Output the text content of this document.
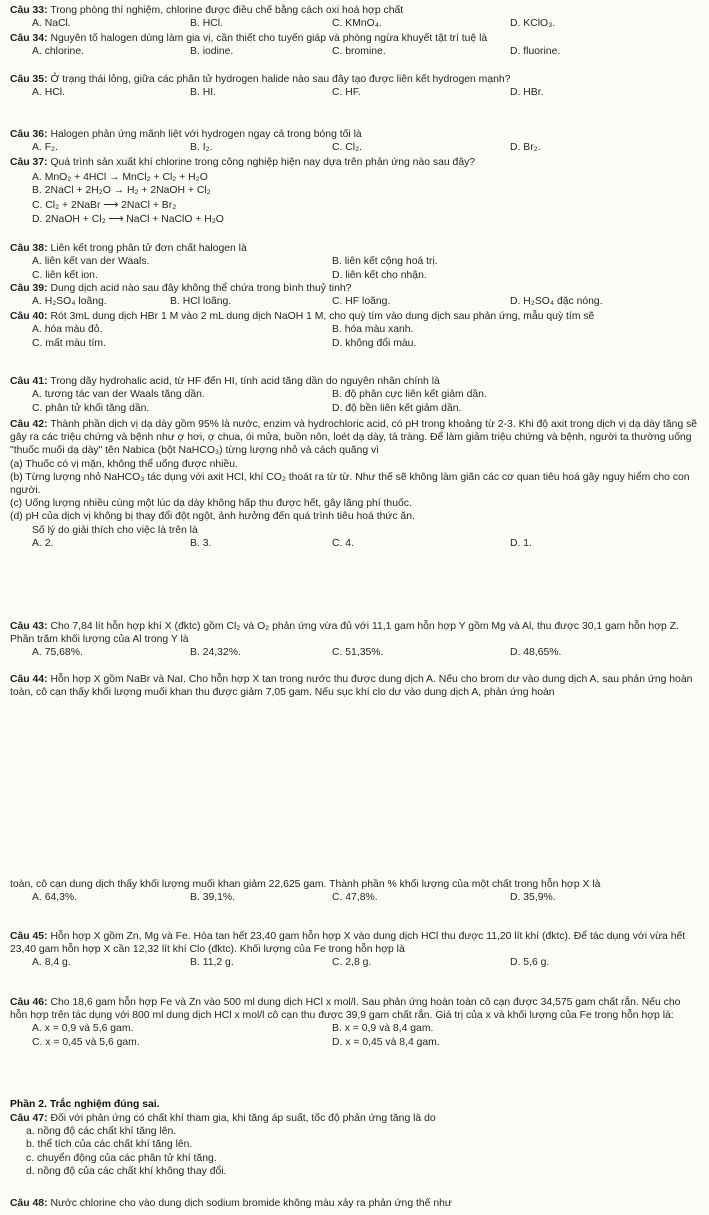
Câu 33: Trong phòng thí nghiệm, chlorine được điều chế bằng cách oxi hoá hợp chất
A. NaCl.	B. HCl.	C. KMnO₄.	D. KClO₃.
Câu 34: Nguyên tố halogen dùng làm gia vị, cần thiết cho tuyến giáp và phòng ngừa khuyết tật trí tuệ là
A. chlorine.	B. iodine.	C. bromine.	D. fluorine.
Câu 35: Ở trạng thái lỏng, giữa các phân tử hydrogen halide nào sau đây tạo được liên kết hydrogen mạnh?
A. HCl.	B. HI.	C. HF.	D. HBr.
Câu 36: Halogen phản ứng mãnh liệt với hydrogen ngay cả trong bóng tối là
A. F₂.	B. I₂.	C. Cl₂.	D. Br₂.
Câu 37: Quá trình sản xuất khí chlorine trong công nghiệp hiện nay dựa trên phản ứng nào sau đây?
A. MnO₂ + 4HCl → MnCl₂ + Cl₂ + H₂O
B. 2NaCl + 2H₂O → H₂ + 2NaOH + Cl₂
C. Cl₂ + 2NaBr ⟶ 2NaCl + Br₂
D. 2NaOH + Cl₂ ⟶ NaCl + NaClO + H₂O
Câu 38: Liên kết trong phân tử đơn chất halogen là
A. liên kết van der Waals.	B. liên kết cộng hoá trị.
C. liên kết ion.	D. liên kết cho nhận.
Câu 39: Dung dịch acid nào sau đây không thể chứa trong bình thuỷ tinh?
A. H₂SO₄ loãng.	B. HCl loãng.	C. HF loãng.	D. H₂SO₄ đặc nóng.
Câu 40: Rót 3mL dung dịch HBr 1 M vào 2 mL dung dịch NaOH 1 M, cho quỳ tím vào dung dịch sau phản ứng, mẫu quỳ tím sẽ
A. hóa màu đỏ.	B. hóa màu xanh.
C. mất màu tím.	D. không đổi màu.
Câu 41: Trong dãy hydrohalic acid, từ HF đến HI, tính acid tăng dần do nguyên nhân chính là
A. tương tác van der Waals tăng dần.	B. độ phân cực liên kết giảm dần.
C. phân tử khối tăng dần.	D. độ bền liên kết giảm dần.
Câu 42: Thành phần dịch vị dạ dày gồm 95% là nước, enzim và hydrochloric acid, có pH trong khoảng từ 2-3. Khi độ axit trong dịch vị dạ dày tăng sẽ gây ra các triệu chứng và bệnh như ợ hơi, ợ chua, ói mửa, buồn nôn, loét dạ dày, tá tràng. Để làm giảm triệu chứng và bệnh, người ta thường uống "thuốc muối dạ dày" tên Nabica (bột NaHCO₃) từng lượng nhỏ và cách quãng vì
(a) Thuốc có vị mặn, không thể uống được nhiều.
(b) Từng lượng nhỏ NaHCO₃ tác dụng với axit HCl, khí CO₂ thoát ra từ từ. Như thế sẽ không làm giãn các cơ quan tiêu hoá gây nguy hiểm cho con người.
(c) Uống lượng nhiều cùng một lúc dạ dày không hấp thu được hết, gây lãng phí thuốc.
(d) pH của dịch vị không bị thay đổi đột ngột, ảnh hưởng đến quá trình tiêu hoá thức ăn.
Số lý do giải thích cho việc là trên là
A. 2.	B. 3.	C. 4.	D. 1.
Câu 43: Cho 7,84 lít hỗn hợp khí X (đktc) gồm Cl₂ và O₂ phản ứng vừa đủ với 11,1 gam hỗn hợp Y gồm Mg và Al, thu được 30,1 gam hỗn hợp Z. Phần trăm khối lượng của Al trong Y là
A. 75,68%.	B. 24,32%.	C. 51,35%.	D. 48,65%.
Câu 44: Hỗn hợp X gồm NaBr và NaI. Cho hỗn hợp X tan trong nước thu được dung dịch A. Nếu cho brom dư vào dung dịch A, sau phản ứng hoàn toàn, cô cạn thấy khối lượng muối khan thu được giảm 7,05 gam. Nếu sục khí clo dư vào dung dịch A, phản ứng hoàn
toàn, cô cạn dung dịch thấy khối lượng muối khan giảm 22,625 gam. Thành phần % khối lượng của một chất trong hỗn hợp X là
A. 64,3%.	B. 39,1%.	C. 47,8%.	D. 35,9%.
Câu 45: Hỗn hợp X gồm Zn, Mg và Fe. Hòa tan hết 23,40 gam hỗn hợp X vào dung dịch HCl thu được 11,20 lít khí (đktc). Để tác dụng với vừa hết 23,40 gam hỗn hợp X cần 12,32 lít khí Clo (đktc). Khối lượng của Fe trong hỗn hợp là
A. 8,4 g.	B. 11,2 g.	C. 2,8 g.	D. 5,6 g.
Câu 46: Cho 18,6 gam hỗn hợp Fe và Zn vào 500 ml dung dịch HCl x mol/l. Sau phản ứng hoàn toàn cô cạn được 34,575 gam chất rắn. Nếu cho hỗn hợp trên tác dụng với 800 ml dung dịch HCl x mol/l cô cạn thu được 39,9 gam chất rắn. Giá trị của x và khối lượng của Fe trong hỗn hợp là:
A. x = 0,9 và 5,6 gam.	B. x = 0,9 và 8,4 gam.
C. x = 0,45 và 5,6 gam.	D. x = 0,45 và 8,4 gam.
Phần 2. Trắc nghiệm đúng sai.
Câu 47: Đối với phản ứng có chất khí tham gia, khi tăng áp suất, tốc độ phản ứng tăng là do
a. nồng độ các chất khí tăng lên.
b. thể tích của các chất khí tăng lên.
c. chuyển động của các phân tử khí tăng.
d. nồng độ của các chất khí không thay đổi.
Câu 48: Nước chlorine cho vào dung dịch sodium bromide không màu xảy ra phản ứng thế như
